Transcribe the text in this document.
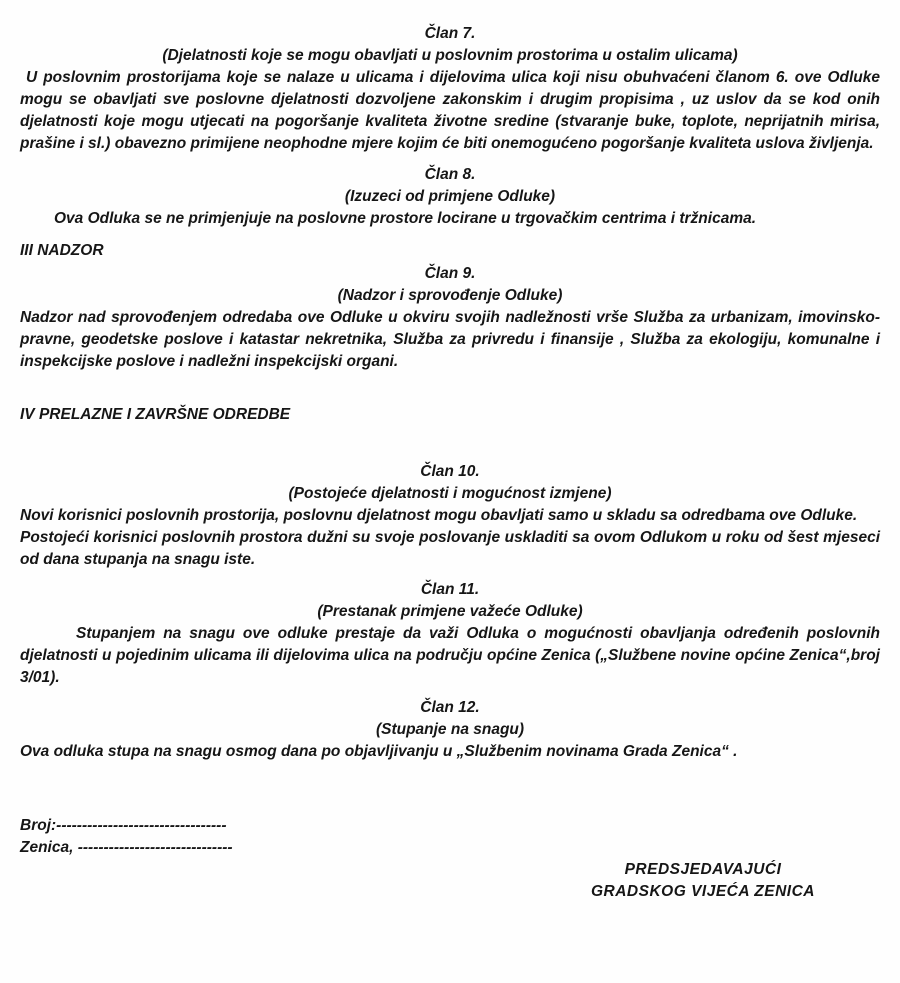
Član 7.
(Djelatnosti koje se mogu obavljati u poslovnim prostorima u ostalim ulicama)

U poslovnim prostorijama koje se nalaze u ulicama i dijelovima ulica koji nisu obuhvaćeni članom 6. ove Odluke mogu se obavljati sve poslovne djelatnosti dozvoljene zakonskim i drugim propisima , uz uslov da se kod onih djelatnosti koje mogu utjecati na pogoršanje kvaliteta životne sredine (stvaranje buke, toplote, neprijatnih mirisa, prašine i sl.) obavezno primijene neophodne mjere kojim će biti onemogućeno pogoršanje kvaliteta uslova življenja.

Član 8.
(Izuzeci od primjene Odluke)

Ova Odluka se ne primjenjuje na poslovne prostore locirane u trgovačkim centrima i tržnicama.

III NADZOR
Član 9.
(Nadzor i sprovođenje Odluke)

Nadzor nad sprovođenjem odredaba ove Odluke u okviru svojih nadležnosti vrše Služba za urbanizam, imovinsko-pravne, geodetske poslove i katastar nekretnika, Služba za privredu i finansije , Služba za ekologiju, komunalne i inspekcijske poslove i nadležni inspekcijski organi.

IV PRELAZNE I ZAVRŠNE ODREDBE
Član 10.
(Postojeće djelatnosti i mogućnost izmjene)

Novi korisnici poslovnih prostorija, poslovnu djelatnost mogu obavljati samo u skladu sa odredbama ove Odluke.

Postojeći korisnici poslovnih prostora dužni su svoje poslovanje uskladiti sa ovom Odlukom u roku od šest mjeseci od dana stupanja na snagu iste.

Član 11.
(Prestanak primjene važeće Odluke)

Stupanjem na snagu ove odluke prestaje da važi Odluka o mogućnosti obavljanja određenih poslovnih djelatnosti u pojedinim ulicama ili dijelovima ulica na području općine Zenica („Službene novine općine Zenica“,broj 3/01).

Član 12.
(Stupanje na snagu)

Ova odluka stupa na snagu osmog dana po objavljivanju u „Službenim novinama Grada Zenica“ .

Broj:---------------------------------
Zenica, ------------------------------
PREDSJEDAVAJUĆI
GRADSKOG VIJEĆA ZENICA
